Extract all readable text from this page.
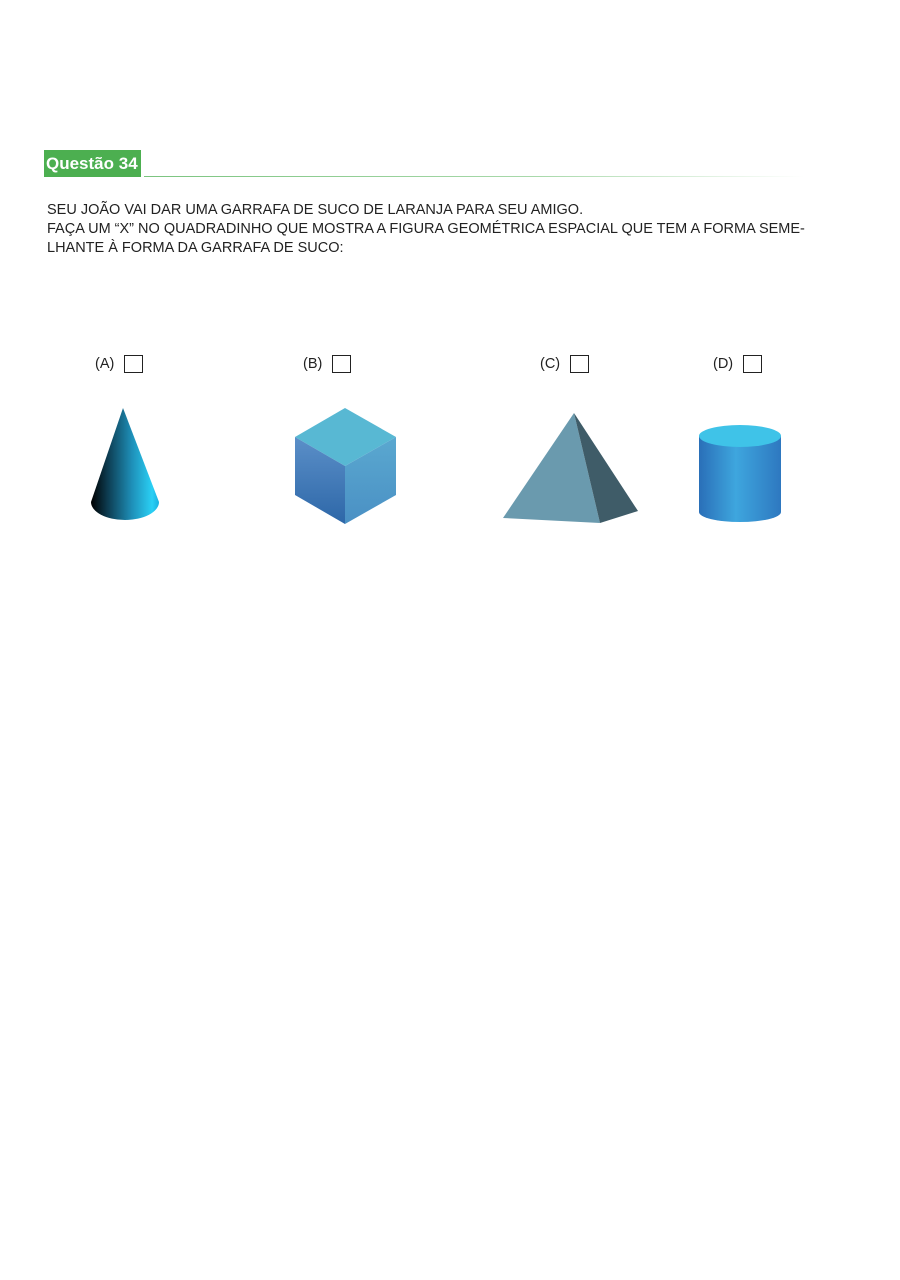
Questão 34
SEU JOÃO VAI DAR UMA GARRAFA DE SUCO DE LARANJA PARA SEU AMIGO.
FAÇA UM “X” NO QUADRADINHO QUE MOSTRA A FIGURA GEOMÉTRICA ESPACIAL QUE TEM A FORMA SEME-
LHANTE À FORMA DA GARRAFA DE SUCO:
(A)	(B)	(C)	(D)
